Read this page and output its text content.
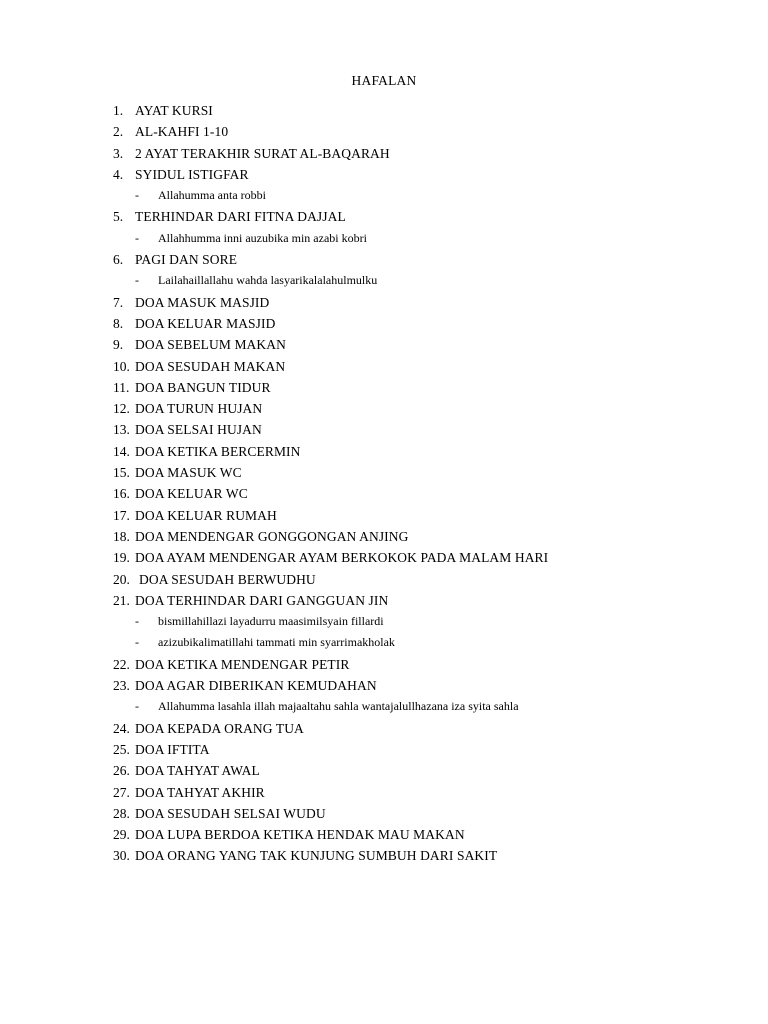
HAFALAN
1. AYAT KURSI
2. AL-KAHFI 1-10
3. 2 AYAT TERAKHIR SURAT AL-BAQARAH
4. SYIDUL ISTIGFAR
- Allahumma anta robbi
5. TERHINDAR DARI FITNA DAJJAL
- Allahhumma inni auzubika min azabi kobri
6. PAGI DAN SORE
- Lailahaillallahu wahda lasyarikalalahulmulku
7. DOA MASUK MASJID
8. DOA KELUAR MASJID
9. DOA SEBELUM MAKAN
10. DOA SESUDAH MAKAN
11. DOA BANGUN TIDUR
12. DOA TURUN HUJAN
13. DOA SELSAI HUJAN
14. DOA KETIKA BERCERMIN
15. DOA MASUK WC
16. DOA KELUAR WC
17. DOA KELUAR RUMAH
18. DOA MENDENGAR GONGGONGAN ANJING
19. DOA AYAM MENDENGAR AYAM BERKOKOK PADA MALAM HARI
20. DOA SESUDAH BERWUDHU
21. DOA TERHINDAR DARI GANGGUAN JIN
- bismillahillazi layadurru maasimilsyain fillardi
- azizubikalimatillahi tammati min syarrimakholak
22. DOA KETIKA MENDENGAR PETIR
23. DOA AGAR DIBERIKAN KEMUDAHAN
- Allahumma lasahla illah majaaltahu sahla wantajalullhazana iza syita sahla
24. DOA KEPADA ORANG TUA
25. DOA IFTITA
26. DOA TAHYAT AWAL
27. DOA TAHYAT AKHIR
28. DOA SESUDAH SELSAI WUDU
29. DOA LUPA BERDOA KETIKA HENDAK MAU MAKAN
30. DOA ORANG YANG TAK KUNJUNG SUMBUH DARI SAKIT
